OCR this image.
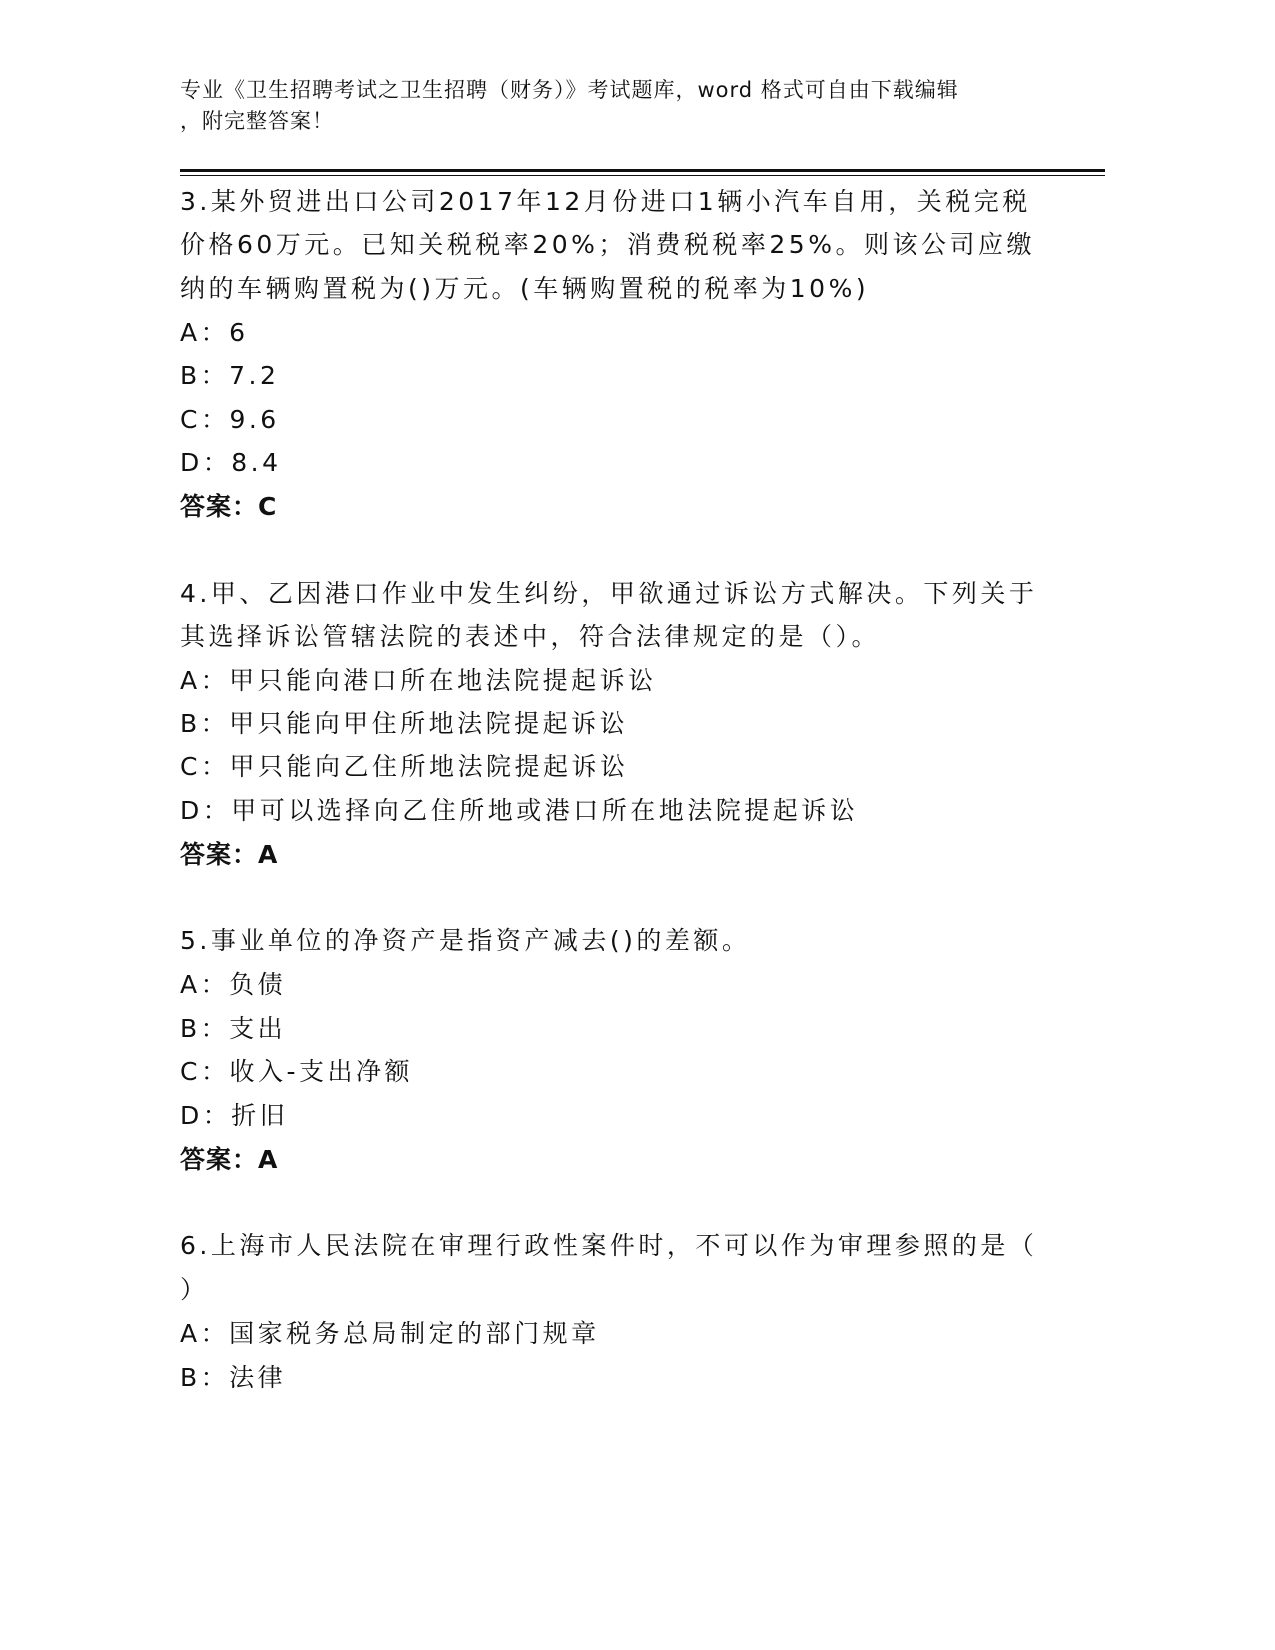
专业《卫生招聘考试之卫生招聘（财务）》考试题库，word 格式可自由下载编辑
，附完整答案！
3.某外贸进出口公司2017年12月份进口1辆小汽车自用，关税完税
价格60万元。已知关税税率20%；消费税税率25%。则该公司应缴
纳的车辆购置税为()万元。(车辆购置税的税率为10%)
A：6
B：7.2
C：9.6
D：8.4
答案：C
4.甲、乙因港口作业中发生纠纷，甲欲通过诉讼方式解决。下列关于
其选择诉讼管辖法院的表述中，符合法律规定的是（）。
A：甲只能向港口所在地法院提起诉讼
B：甲只能向甲住所地法院提起诉讼
C：甲只能向乙住所地法院提起诉讼
D：甲可以选择向乙住所地或港口所在地法院提起诉讼
答案：A
5.事业单位的净资产是指资产减去()的差额。
A：负债
B：支出
C：收入-支出净额
D：折旧
答案：A
6.上海市人民法院在审理行政性案件时，不可以作为审理参照的是（
）
A：国家税务总局制定的部门规章
B：法律
